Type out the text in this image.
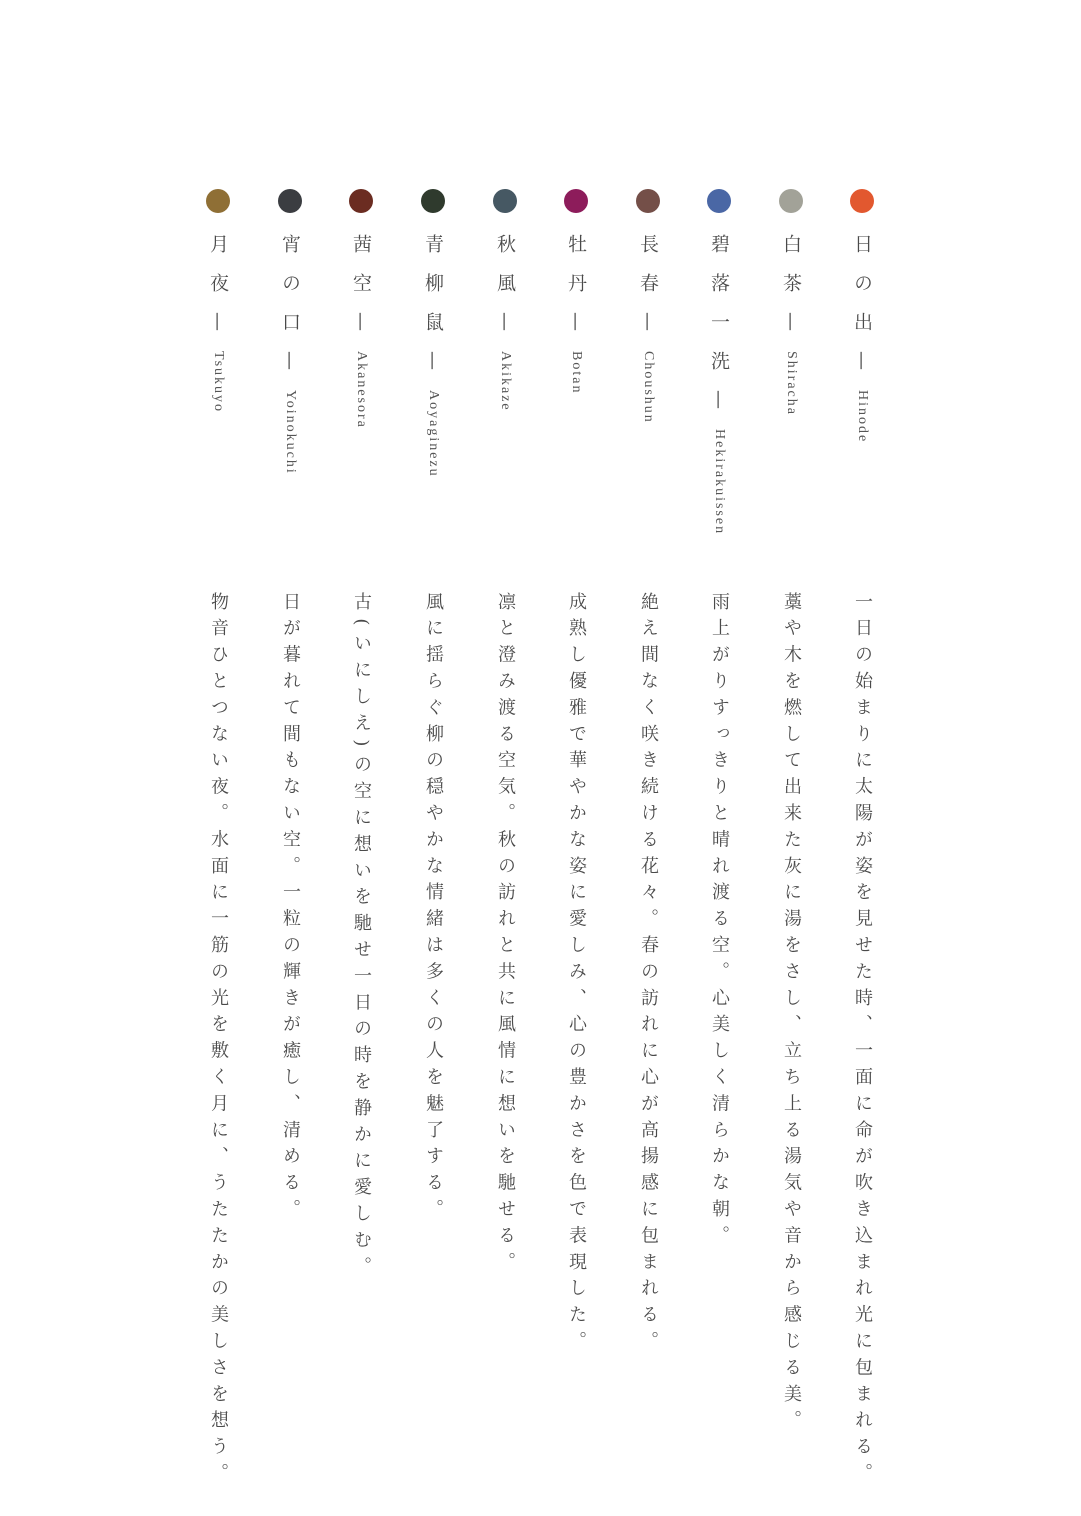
日の出—Hinode
一日の始まりに太陽が姿を見せた時、一面に命が吹き込まれ光に包まれる。
白茶—Shiracha
藁や木を燃して出来た灰に湯をさし、立ち上る湯気や音から感じる美。
碧落一洗—Hekirakuissen
雨上がりすっきりと晴れ渡る空。心美しく清らかな朝。
長春—Choushun
絶え間なく咲き続ける花々。春の訪れに心が高揚感に包まれる。
牡丹—Botan
成熟し優雅で華やかな姿に愛しみ、心の豊かさを色で表現した。
秋風—Akikaze
凛と澄み渡る空気。秋の訪れと共に風情に想いを馳せる。
青柳鼠—Aoyaginezu
風に揺らぐ柳の穏やかな情緒は多くの人を魅了する。
茜空—Akanesora
古(いにしえ)の空に想いを馳せ一日の時を静かに愛しむ。
宵の口—Yoinokuchi
日が暮れて間もない空。一粒の輝きが癒し、清める。
月夜—Tsukuyo
物音ひとつない夜。水面に一筋の光を敷く月に、うたたかの美しさを想う。
